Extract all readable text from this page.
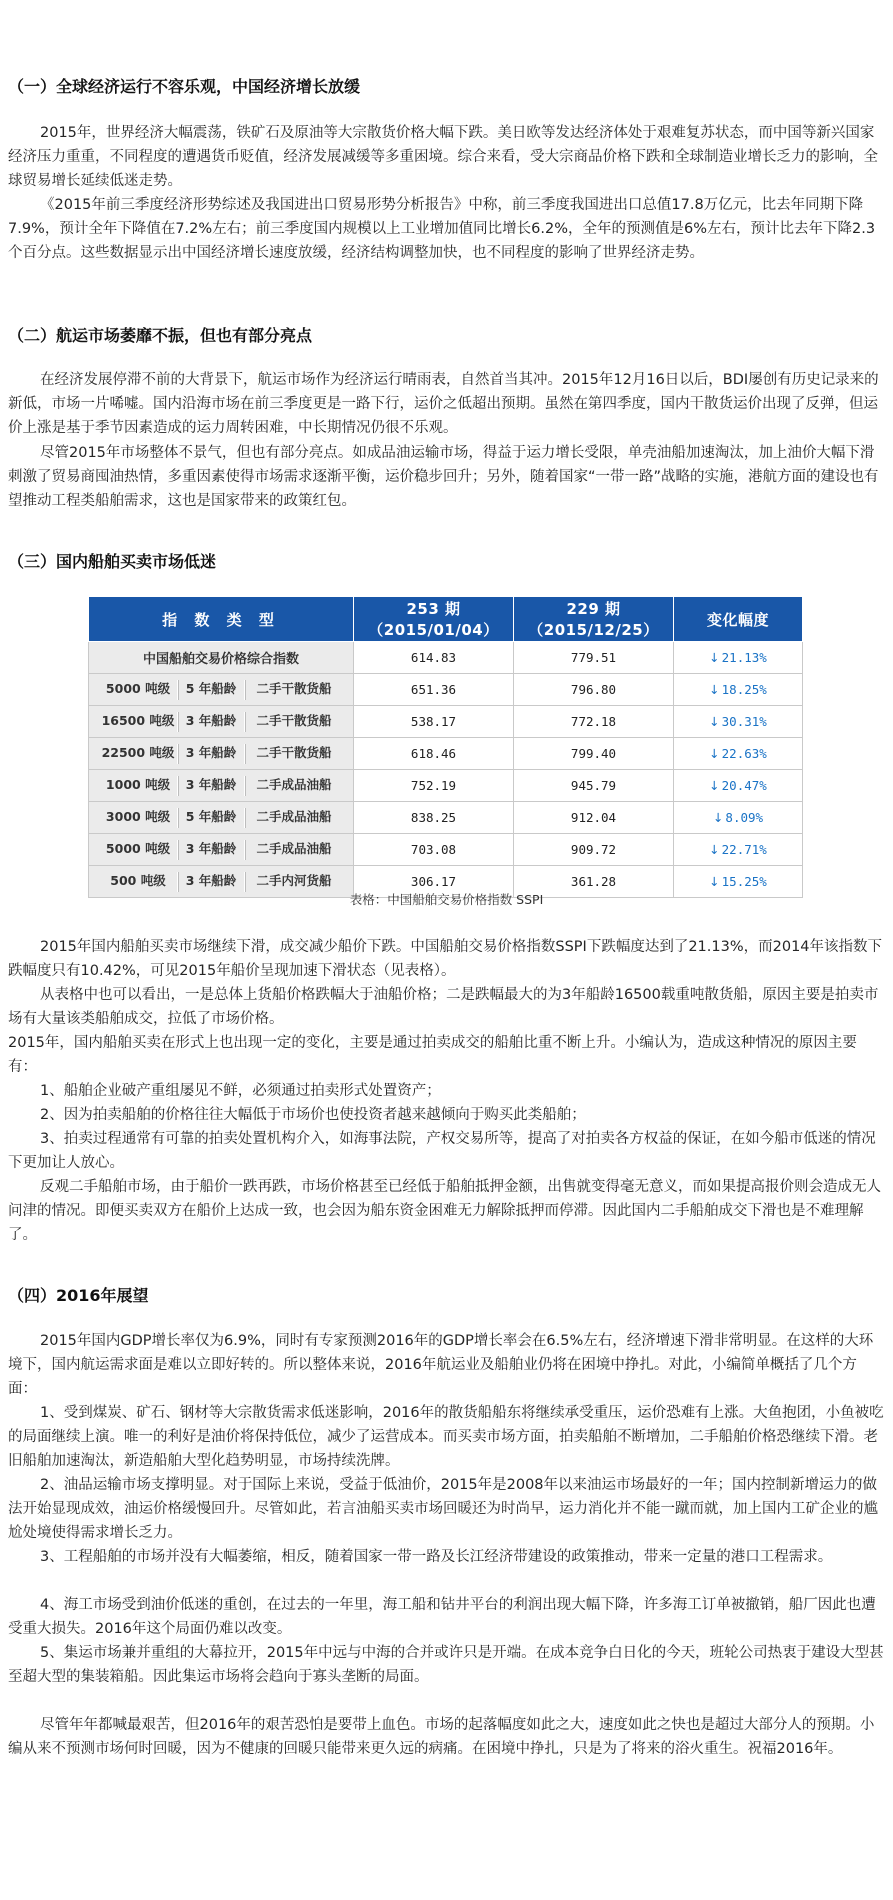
（一）全球经济运行不容乐观，中国经济增长放缓

2015年，世界经济大幅震荡，铁矿石及原油等大宗散货价格大幅下跌。美日欧等发达经济体处于艰难复苏状态，而中国等新兴国家经济压力重重，不同程度的遭遇货币贬值，经济发展减缓等多重困境。综合来看，受大宗商品价格下跌和全球制造业增长乏力的影响，全球贸易增长延续低迷走势。

《2015年前三季度经济形势综述及我国进出口贸易形势分析报告》中称，前三季度我国进出口总值17.8万亿元，比去年同期下降7.9%，预计全年下降值在7.2%左右；前三季度国内规模以上工业增加值同比增长6.2%，全年的预测值是6%左右，预计比去年下降2.3个百分点。这些数据显示出中国经济增长速度放缓，经济结构调整加快，也不同程度的影响了世界经济走势。

（二）航运市场萎靡不振，但也有部分亮点

在经济发展停滞不前的大背景下，航运市场作为经济运行晴雨表，自然首当其冲。2015年12月16日以后，BDI屡创有历史记录来的新低，市场一片唏嘘。国内沿海市场在前三季度更是一路下行，运价之低超出预期。虽然在第四季度，国内干散货运价出现了反弹，但运价上涨是基于季节因素造成的运力周转困难，中长期情况仍很不乐观。

尽管2015年市场整体不景气，但也有部分亮点。如成品油运输市场，得益于运力增长受限，单壳油船加速淘汰，加上油价大幅下滑刺激了贸易商囤油热情，多重因素使得市场需求逐渐平衡，运价稳步回升；另外，随着国家“一带一路”战略的实施，港航方面的建设也有望推动工程类船舶需求，这也是国家带来的政策红包。

（三）国内船舶买卖市场低迷
指 数 类 型	253 期（2015/01/04）	229 期（2015/12/25）	变化幅度
中国船舶交易价格综合指数	614.83	779.51	↓ 21.13%
5000 吨级 5 年船龄 二手干散货船	651.36	796.80	↓ 18.25%
16500 吨级 3 年船龄 二手干散货船	538.17	772.18	↓ 30.31%
22500 吨级 3 年船龄 二手干散货船	618.46	799.40	↓ 22.63%
1000 吨级 3 年船龄 二手成品油船	752.19	945.79	↓ 20.47%
3000 吨级 5 年船龄 二手成品油船	838.25	912.04	↓ 8.09%
5000 吨级 3 年船龄 二手成品油船	703.08	909.72	↓ 22.71%
500 吨级 3 年船龄 二手内河货船	306.17	361.28	↓ 15.25%
表格：中国船舶交易价格指数 SSPI

2015年国内船舶买卖市场继续下滑，成交减少船价下跌。中国船舶交易价格指数SSPI下跌幅度达到了21.13%，而2014年该指数下跌幅度只有10.42%，可见2015年船价呈现加速下滑状态（见表格）。

从表格中也可以看出，一是总体上货船价格跌幅大于油船价格；二是跌幅最大的为3年船龄16500载重吨散货船，原因主要是拍卖市场有大量该类船舶成交，拉低了市场价格。

2015年，国内船舶买卖在形式上也出现一定的变化，主要是通过拍卖成交的船舶比重不断上升。小编认为，造成这种情况的原因主要有：

1、船舶企业破产重组屡见不鲜，必须通过拍卖形式处置资产；

2、因为拍卖船舶的价格往往大幅低于市场价也使投资者越来越倾向于购买此类船舶；

3、拍卖过程通常有可靠的拍卖处置机构介入，如海事法院，产权交易所等，提高了对拍卖各方权益的保证，在如今船市低迷的情况下更加让人放心。

反观二手船舶市场，由于船价一跌再跌，市场价格甚至已经低于船舶抵押金额，出售就变得毫无意义，而如果提高报价则会造成无人问津的情况。即便买卖双方在船价上达成一致，也会因为船东资金困难无力解除抵押而停滞。因此国内二手船舶成交下滑也是不难理解了。

（四）2016年展望

2015年国内GDP增长率仅为6.9%，同时有专家预测2016年的GDP增长率会在6.5%左右，经济增速下滑非常明显。在这样的大环境下，国内航运需求面是难以立即好转的。所以整体来说，2016年航运业及船舶业仍将在困境中挣扎。对此，小编简单概括了几个方面：

1、受到煤炭、矿石、钢材等大宗散货需求低迷影响，2016年的散货船船东将继续承受重压，运价恐难有上涨。大鱼抱团，小鱼被吃的局面继续上演。唯一的利好是油价将保持低位，减少了运营成本。而买卖市场方面，拍卖船舶不断增加，二手船舶价格恐继续下滑。老旧船舶加速淘汰，新造船舶大型化趋势明显，市场持续洗牌。

2、油品运输市场支撑明显。对于国际上来说，受益于低油价，2015年是2008年以来油运市场最好的一年；国内控制新增运力的做法开始显现成效，油运价格缓慢回升。尽管如此，若言油船买卖市场回暖还为时尚早，运力消化并不能一蹴而就，加上国内工矿企业的尴尬处境使得需求增长乏力。

3、工程船舶的市场并没有大幅萎缩，相反，随着国家一带一路及长江经济带建设的政策推动，带来一定量的港口工程需求。

4、海工市场受到油价低迷的重创，在过去的一年里，海工船和钻井平台的利润出现大幅下降，许多海工订单被撤销，船厂因此也遭受重大损失。2016年这个局面仍难以改变。

5、集运市场兼并重组的大幕拉开，2015年中远与中海的合并或许只是开端。在成本竞争白日化的今天，班轮公司热衷于建设大型甚至超大型的集装箱船。因此集运市场将会趋向于寡头垄断的局面。

尽管年年都喊最艰苦，但2016年的艰苦恐怕是要带上血色。市场的起落幅度如此之大，速度如此之快也是超过大部分人的预期。小编从来不预测市场何时回暖，因为不健康的回暖只能带来更久远的病痛。在困境中挣扎，只是为了将来的浴火重生。祝福2016年。
